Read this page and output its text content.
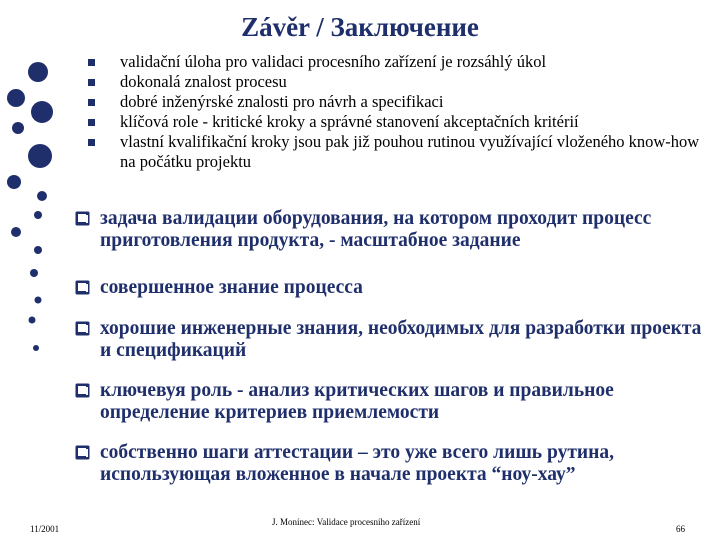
Závěr / Заключение
validační úloha pro validaci procesního zařízení je rozsáhlý úkol
dokonalá znalost procesu
dobré inženýrské znalosti pro návrh a specifikaci
klíčová role - kritické kroky a správné stanovení akceptačních kritérií
vlastní kvalifikační kroky jsou pak již pouhou rutinou využívající vloženého know-how na počátku projektu
задача валидации оборудования, на котором проходит процесс приготовления продукта, - масштабное задание
совершенное знание процесса
хорошие инженерные знания, необходимых для разработки проекта и спецификаций
ключевуя роль - анализ критических шагов и правильное определение критериев приемлемости
собственно шаги аттестации – это уже всего лишь рутина, использующая вложенное в начале проекта “ноу-хау”
11/2001
J. Moníneс: Validace procesního zařízení
66
